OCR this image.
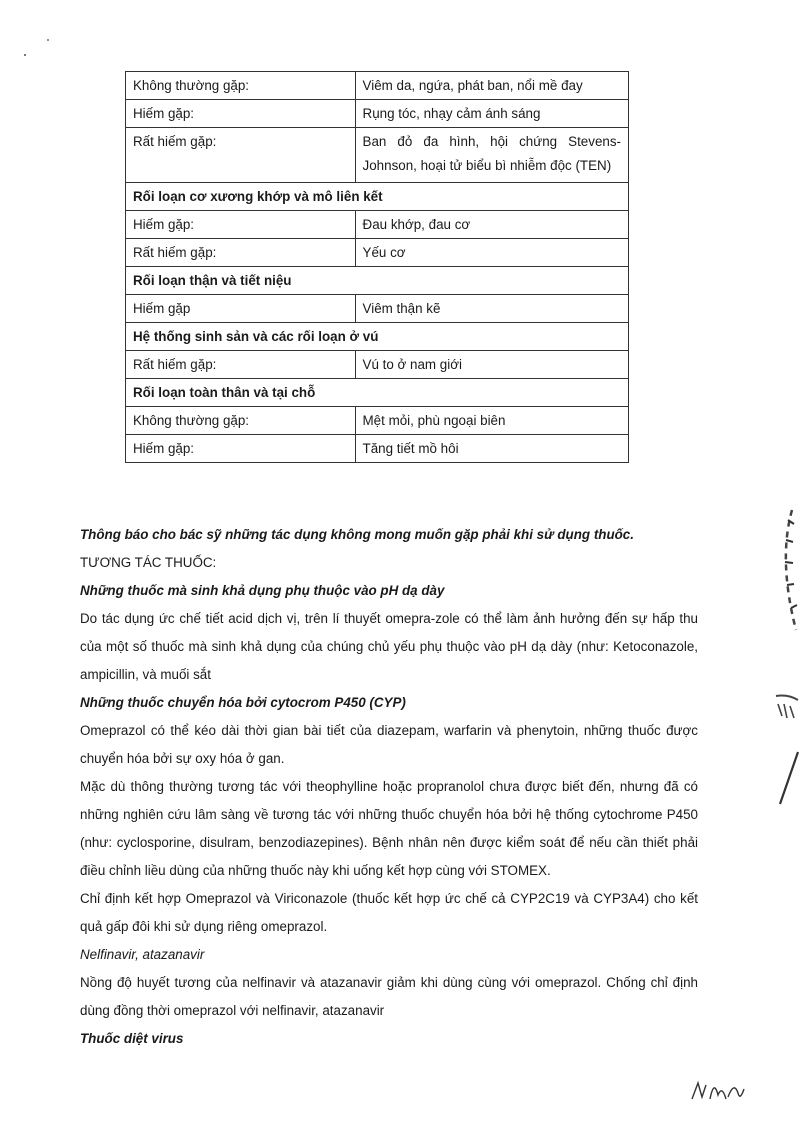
Không thường gặp:	Viêm da, ngứa, phát ban, nổi mề đay
Hiếm gặp:	Rụng tóc, nhạy cảm ánh sáng
Rất hiếm gặp:	Ban đỏ đa hình, hội chứng Stevens-Johnson, hoại tử biểu bì nhiễm độc (TEN)
Rối loạn cơ xương khớp và mô liên kết	
Hiếm gặp:	Đau khớp, đau cơ
Rất hiếm gặp:	Yếu cơ
Rối loạn thận và tiết niệu	
Hiếm gặp	Viêm thận kẽ
Hệ thống sinh sản và các rối loạn ở vú	
Rất hiếm gặp:	Vú to ở nam giới
Rối loạn toàn thân và tại chỗ	
Không thường gặp:	Mệt mỏi, phù ngoại biên
Hiếm gặp:	Tăng tiết mồ hôi

Thông báo cho bác sỹ những tác dụng không mong muốn gặp phải khi sử dụng thuốc.

TƯƠNG TÁC THUỐC:

Những thuốc mà sinh khả dụng phụ thuộc vào pH dạ dày

Do tác dụng ức chế tiết acid dịch vị, trên lí thuyết omepra-zole có thể làm ảnh hưởng đến sự hấp thu của một số thuốc mà sinh khả dụng của chúng chủ yếu phụ thuộc vào pH dạ dày (như: Ketoconazole, ampicillin, và muối sắt

Những thuốc chuyển hóa bởi cytocrom P450 (CYP)

Omeprazol có thể kéo dài thời gian bài tiết của diazepam, warfarin và phenytoin, những thuốc được chuyển hóa bởi sự oxy hóa ở gan.

Mặc dù thông thường tương tác với theophylline hoặc propranolol chưa được biết đến, nhưng đã có những nghiên cứu lâm sàng về tương tác với những thuốc chuyển hóa bởi hệ thống cytochrome P450 (như: cyclosporine, disulram, benzodiazepines). Bệnh nhân nên được kiểm soát để nếu cần thiết phải điều chỉnh liều dùng của những thuốc này khi uống kết hợp cùng với STOMEX.

Chỉ định kết hợp Omeprazol và Viriconazole (thuốc kết hợp ức chế cả CYP2C19 và CYP3A4) cho kết quả gấp đôi khi sử dụng riêng omeprazol.

Nelfinavir, atazanavir

Nồng độ huyết tương của nelfinavir và atazanavir giảm khi dùng cùng với omeprazol. Chống chỉ định dùng đồng thời omeprazol với nelfinavir, atazanavir

Thuốc diệt virus
